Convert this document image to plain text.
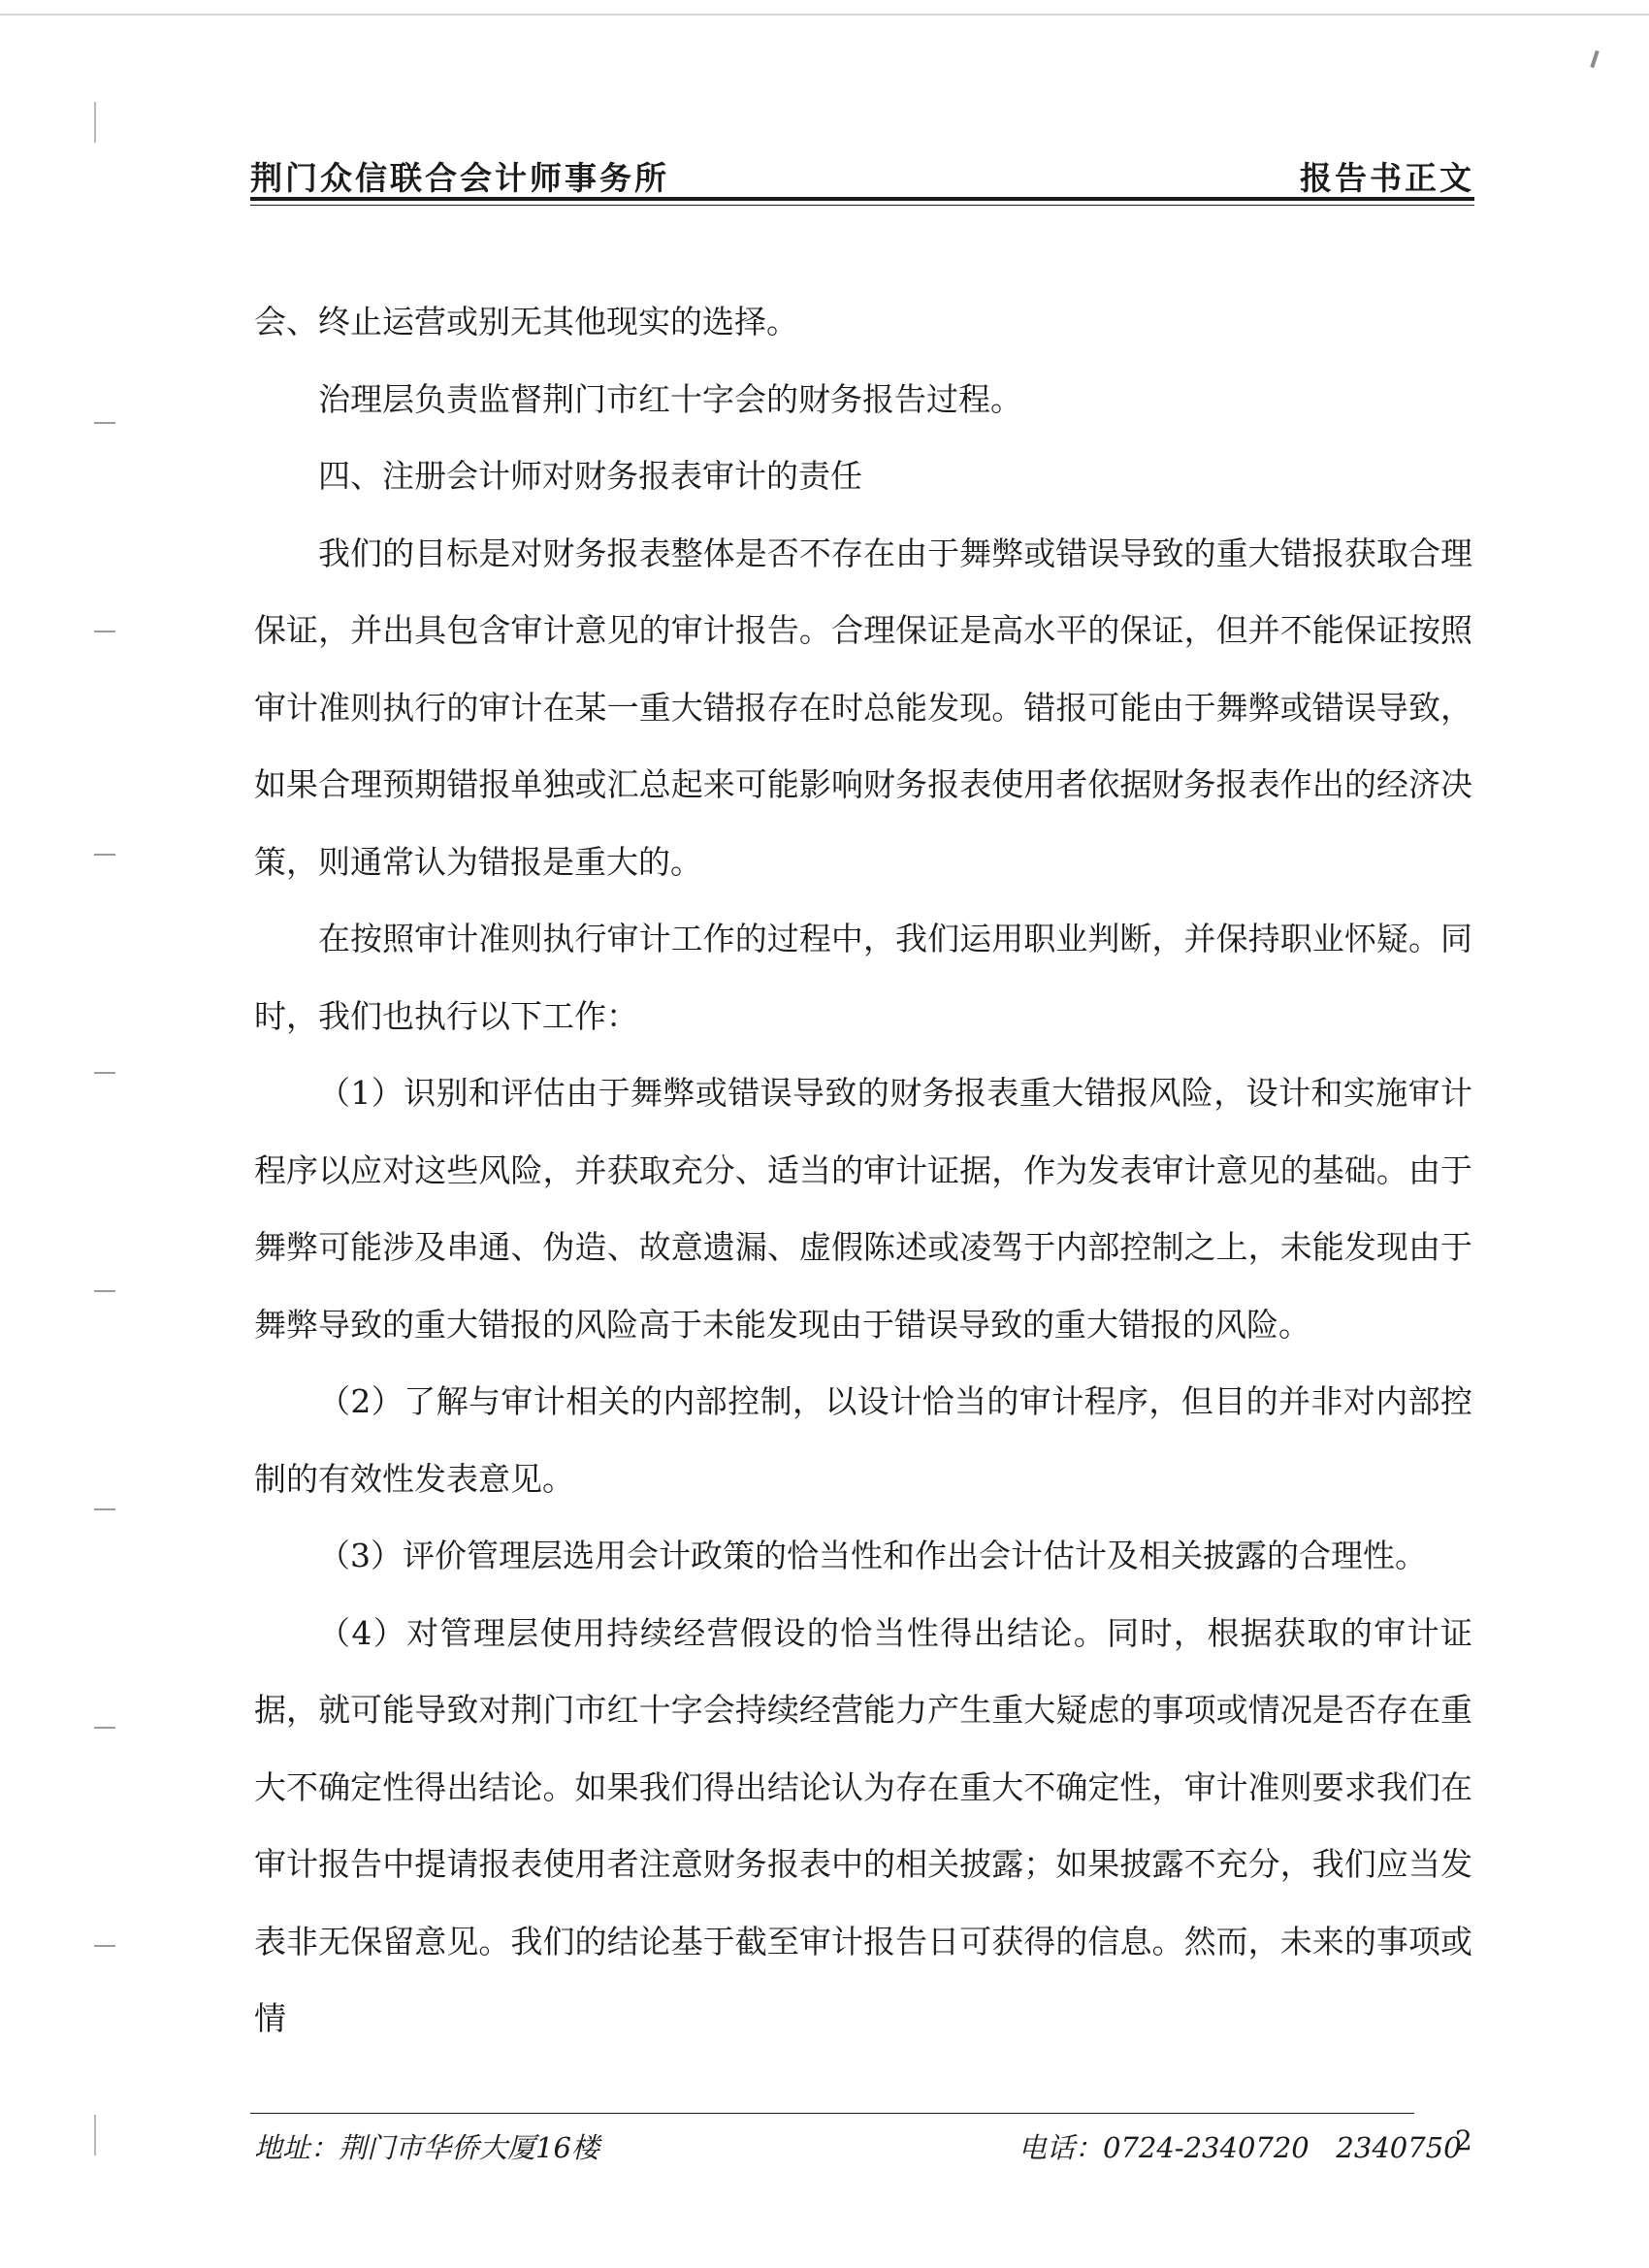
荆门众信联合会计师事务所	报告书正文

会、终止运营或别无其他现实的选择。

治理层负责监督荆门市红十字会的财务报告过程。

四、注册会计师对财务报表审计的责任

我们的目标是对财务报表整体是否不存在由于舞弊或错误导致的重大错报获取合理保证，并出具包含审计意见的审计报告。合理保证是高水平的保证，但并不能保证按照审计准则执行的审计在某一重大错报存在时总能发现。错报可能由于舞弊或错误导致，如果合理预期错报单独或汇总起来可能影响财务报表使用者依据财务报表作出的经济决策，则通常认为错报是重大的。

在按照审计准则执行审计工作的过程中，我们运用职业判断，并保持职业怀疑。同时，我们也执行以下工作：

（1）识别和评估由于舞弊或错误导致的财务报表重大错报风险，设计和实施审计程序以应对这些风险，并获取充分、适当的审计证据，作为发表审计意见的基础。由于舞弊可能涉及串通、伪造、故意遗漏、虚假陈述或凌驾于内部控制之上，未能发现由于舞弊导致的重大错报的风险高于未能发现由于错误导致的重大错报的风险。

（2）了解与审计相关的内部控制，以设计恰当的审计程序，但目的并非对内部控制的有效性发表意见。

（3）评价管理层选用会计政策的恰当性和作出会计估计及相关披露的合理性。

（4）对管理层使用持续经营假设的恰当性得出结论。同时，根据获取的审计证据，就可能导致对荆门市红十字会持续经营能力产生重大疑虑的事项或情况是否存在重大不确定性得出结论。如果我们得出结论认为存在重大不确定性，审计准则要求我们在审计报告中提请报表使用者注意财务报表中的相关披露；如果披露不充分，我们应当发表非无保留意见。我们的结论基于截至审计报告日可获得的信息。然而，未来的事项或情

地址：荆门市华侨大厦16楼	电话：0724-2340720   2340750
2
